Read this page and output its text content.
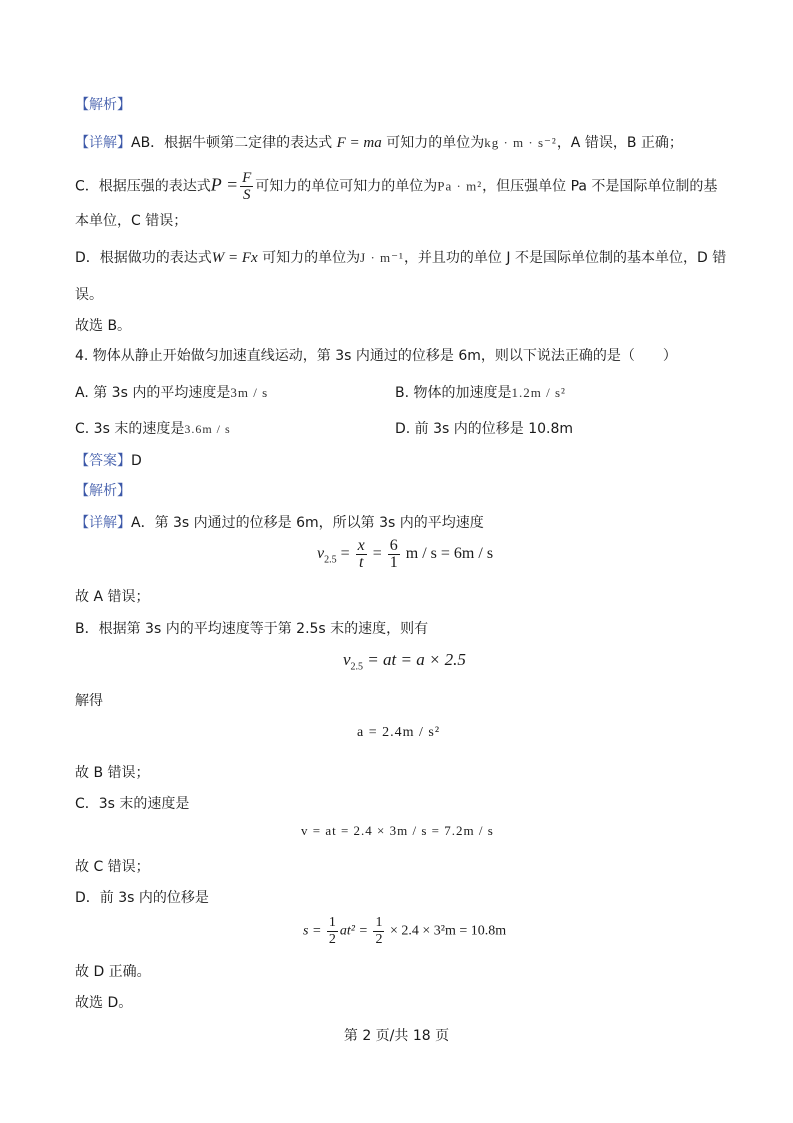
【解析】
【详解】AB．根据牛顿第二定律的表达式 F = ma 可知力的单位为kg · m · s⁻²，A 错误，B 正确；
C．根据压强的表达式$P = \frac{F}{S}$ 可知力的单位可知力的单位为Pa · m²，但压强单位 Pa 不是国际单位制的基
本单位，C 错误；
D．根据做功的表达式W = Fx 可知力的单位为J · m⁻¹，并且功的单位 J 不是国际单位制的基本单位，D 错
误。
故选 B。
4. 物体从静止开始做匀加速直线运动，第 3s 内通过的位移是 6m，则以下说法正确的是（　　）
A. 第 3s 内的平均速度是3m / s	B. 物体的加速度是1.2m / s²
C. 3s 末的速度是3.6m / s	D. 前 3s 内的位移是 10.8m
【答案】D
【解析】
【详解】A．第 3s 内通过的位移是 6m，所以第 3s 内的平均速度
$v_{2.5} = \frac{x}{t} = \frac{6}{1}$ m / s = 6m / s
故 A 错误；
B．根据第 3s 内的平均速度等于第 2.5s 末的速度，则有
$v_{2.5}$ = at = a × 2.5
解得
a = 2.4m / s²
故 B 错误；
C．3s 末的速度是
v = at = 2.4 × 3m / s = 7.2m / s
故 C 错误；
D．前 3s 内的位移是
$s = \frac{1}{2} at^2 = \frac{1}{2} \times 2.4 \times 3^2m = 10.8m$
故 D 正确。
故选 D。
第 2 页/共 18 页
